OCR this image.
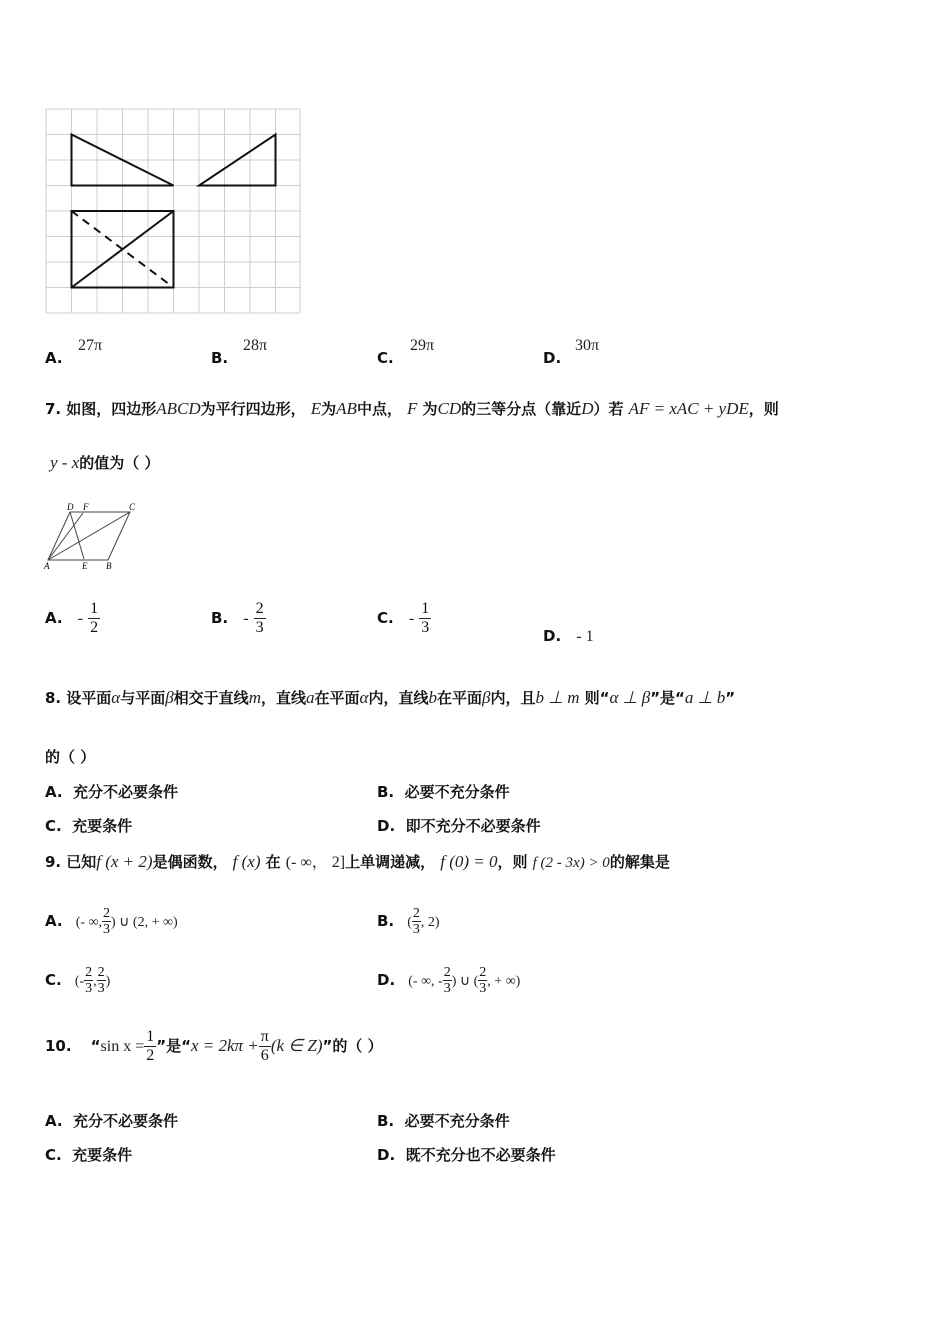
A.
27π
B.
28π
C.
29π
D.
30π
7. 如图，四边形ABCD为平行四边形， E为AB中点， F 为CD的三等分点（靠近D）若 AF = xAC + yDE，则
y - x的值为（ ）
D F	C
A	E B
A. - $\frac{1}{2}$	B. - $\frac{2}{3}$	C. - $\frac{1}{3}$	D. - 1
8. 设平面α与平面β相交于直线m，直线a在平面α内，直线b在平面β内，且b ⊥ m 则“α ⊥ β”是“a ⊥ b”
的（ ）
A. 充分不必要条件	B. 必要不充分条件
C. 充要条件	D. 即不充分不必要条件
9. 已知f (x + 2)是偶函数， f (x) 在 (- ∞， 2]上单调递减， f (0) = 0，则 f (2 - 3x) > 0的解集是
A. (- ∞, $\frac{2}{3}$ ) ∪ (2, + ∞)	B. ( $\frac{2}{3}$ , 2)
C. (- $\frac{2}{3}$ , $\frac{2}{3}$ )	D. (- ∞, - $\frac{2}{3}$ ) ∪ ( $\frac{2}{3}$ , + ∞)
10. “sin $x = \frac{1}{2}$ ”是“$x = 2k\pi + \frac{\pi}{6} (k$ ∈ Z)”的（ ）
A. 充分不必要条件	B. 必要不充分条件
C. 充要条件	D. 既不充分也不必要条件
